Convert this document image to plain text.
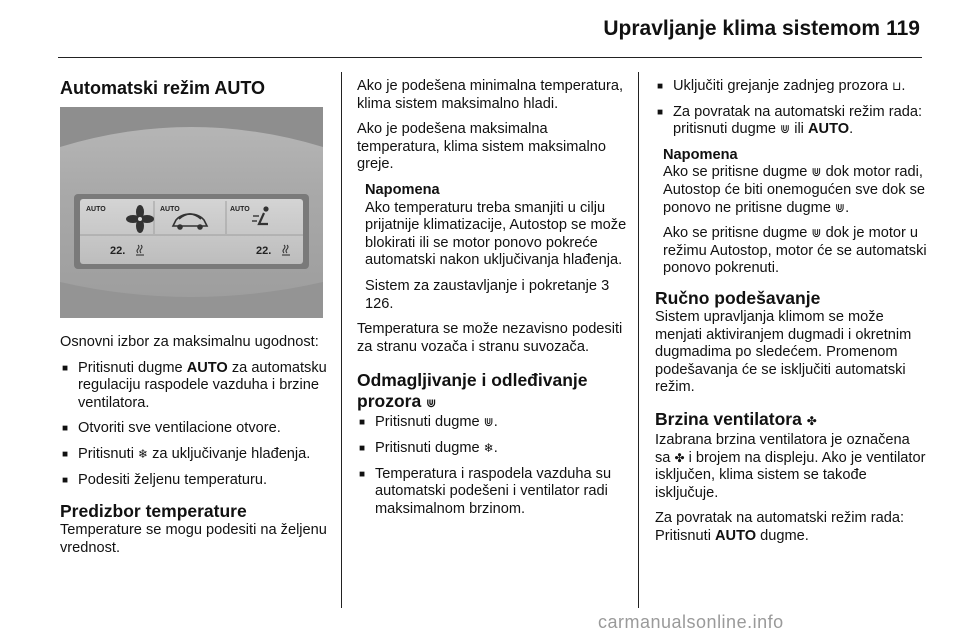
Upravljanje klima sistemom 119
Automatski režim AUTO
AUTO	AUTO	AUTO
22.	22.

Osnovni izbor za maksimalnu ugodnost:

■ Pritisnuti dugme AUTO za automatsku regulaciju raspodele vazduha i brzine ventilatora.
■ Otvoriti sve ventilacione otvore.
■ Pritisnuti ❄ za uključivanje hlađenja.
■ Podesiti željenu temperaturu.
Predizbor temperature

Temperature se mogu podesiti na željenu vrednost.

Ako je podešena minimalna temperatura, klima sistem maksimalno hladi.

Ako je podešena maksimalna temperatura, klima sistem maksimalno greje.

Napomena

Ako temperaturu treba smanjiti u cilju prijatnije klimatizacije, Autostop se može blokirati ili se motor ponovo pokreće automatski nakon uključivanja hlađenja.

Sistem za zaustavljanje i pokretanje 3 126.

Temperatura se može nezavisno podesiti za stranu vozača i stranu suvozača.

Odmagljivanje i odleđivanje prozora ⋓
■ Pritisnuti dugme ⋓.
■ Pritisnuti dugme ❄.
■ Temperatura i raspodela vazduha su automatski podešeni i ventilator radi maksimalnom brzinom.
■ Uključiti grejanje zadnjeg prozora ⊔.
■ Za povratak na automatski režim rada: pritisnuti dugme ⋓ ili AUTO.
Napomena

Ako se pritisne dugme ⋓ dok motor radi, Autostop će biti onemogućen sve dok se ponovo ne pritisne dugme ⋓.

Ako se pritisne dugme ⋓ dok je motor u režimu Autostop, motor će se automatski ponovo pokrenuti.

Ručno podešavanje

Sistem upravljanja klimom se može menjati aktiviranjem dugmadi i okretnim dugmadima po sledećem. Promenom podešavanja će se isključiti automatski režim.

Brzina ventilatora ✤

Izabrana brzina ventilatora je označena sa ✤ i brojem na displeju. Ako je ventilator isključen, klima sistem se takođe isključuje.

Za povratak na automatski režim rada: Pritisnuti AUTO dugme.

carmanualsonline.info
